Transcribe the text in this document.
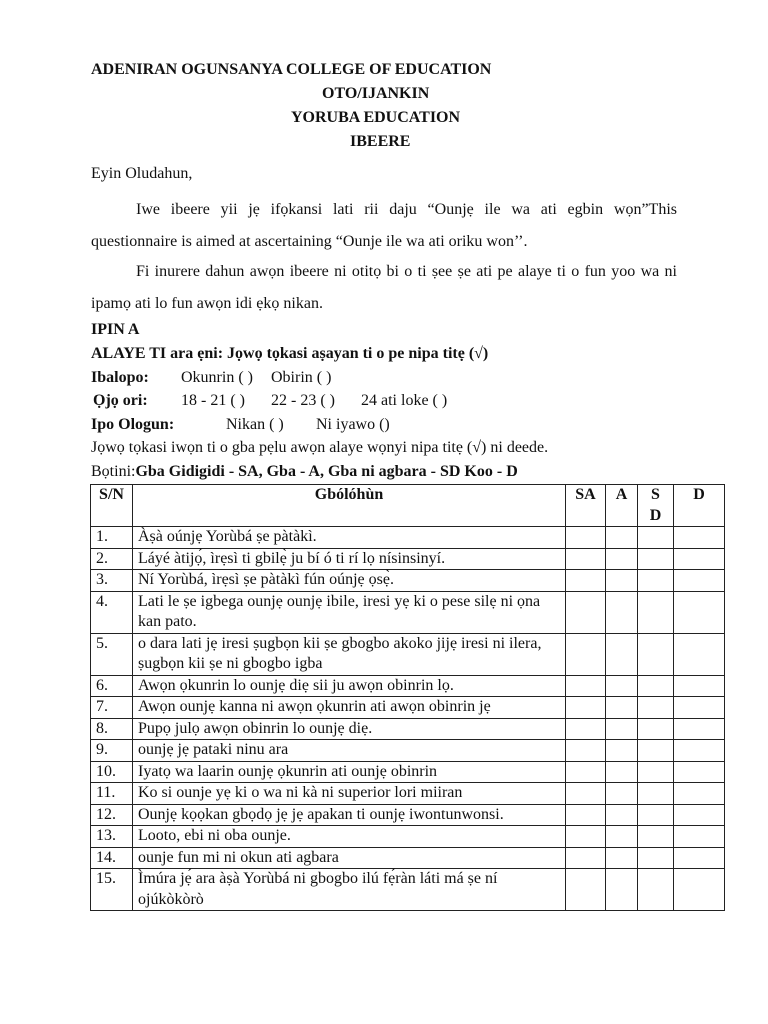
ADENIRAN OGUNSANYA COLLEGE OF EDUCATION
OTO/IJANKIN
YORUBA EDUCATION
IBEERE
Eyin Oludahun,
Iwe ibeere yii jẹ ifọkansi lati rii daju “Ounjẹ ile wa ati egbin wọn”This questionnaire is aimed at ascertaining “Ounje ile wa ati oriku won’’.
Fi inurere dahun awọn ibeere ni otitọ bi o ti ṣee ṣe ati pe alaye ti o fun yoo wa ni ipamọ ati lo fun awọn idi ẹkọ nikan.
IPIN A
ALAYE TI ara ẹni: Jọwọ tọkasi aṣayan ti o pe nipa titẹ (√)
Ibalopo: Okunrin ( ) Obirin ( )
Ọjọ ori: 18 - 21 ( ) 22 - 23 ( ) 24 ati loke ( )
Ipo Ologun:	Nikan ( ) Ni iyawo ()
Jọwọ tọkasi iwọn ti o gba pẹlu awọn alaye wọnyi nipa titẹ (√) ni deede.
Bọtini:Gba Gidigidi - SA, Gba - A, Gba ni agbara - SD Koo - D
S/N	Gbólóhùn	SA	A	S D	D
1.	Àṣà oúnjẹ Yorùbá ṣe pàtàkì.				
2.	Láyé àtijọ́, ìrẹsì ti gbilẹ̀ ju bí ó ti rí lọ nísinsinyí.				
3.	Ní Yorùbá, ìrẹsì ṣe pàtàkì fún oúnjẹ ọsẹ̀.				
4.	Lati le ṣe igbega ounjẹ ounjẹ ibile, iresi yẹ ki o pese silẹ ni ọna kan pato.				
5.	o dara lati jẹ iresi ṣugbọn kii ṣe gbogbo akoko jijẹ iresi ni ilera, ṣugbọn kii ṣe ni gbogbo igba				
6.	Awọn ọkunrin lo ounjẹ diẹ sii ju awọn obinrin lọ.				
7.	Awọn ounjẹ kanna ni awọn ọkunrin ati awọn obinrin jẹ				
8.	Pupọ julọ awọn obinrin lo ounjẹ diẹ.				
9.	ounjẹ jẹ pataki ninu ara				
10.	Iyatọ wa laarin ounjẹ ọkunrin ati ounjẹ obinrin				
11.	Ko si ounje yẹ ki o wa ni kà ni superior lori miiran				
12.	Ounjẹ kọọkan gbọdọ jẹ jẹ apakan ti ounjẹ iwontunwonsi.				
13.	Looto, ebi ni oba ounje.				
14.	ounje fun mi ni okun ati agbara				
15.	Ìmúra jẹ́ ara àṣà Yorùbá ni gbogbo ilú fẹ́ràn láti má ṣe ní ojúkòkòrò				
